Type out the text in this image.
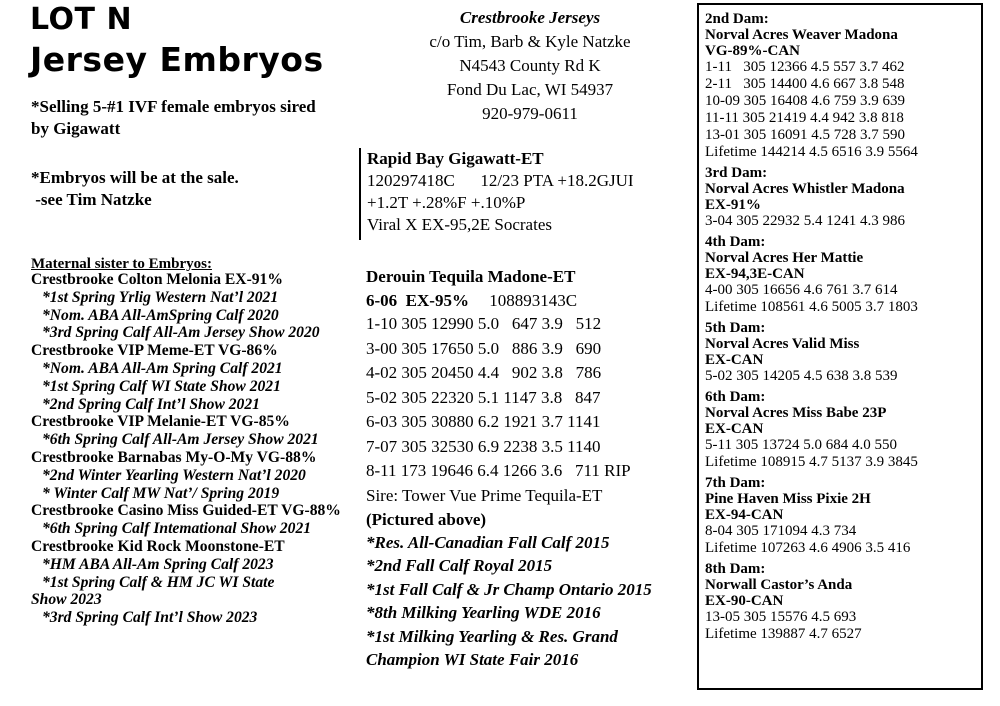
LOT N
Jersey Embryos
*Selling 5-#1 IVF female embryos sired by Gigawatt
*Embryos will be at the sale.
-see Tim Natzke
Maternal sister to Embryos:
Crestbrooke Colton Melonia EX-91%
*1st Spring Yrlig Western Nat’l 2021
*Nom. ABA All-AmSpring Calf 2020
*3rd Spring Calf All-Am Jersey Show 2020
Crestbrooke VIP Meme-ET VG-86%
*Nom. ABA All-Am Spring Calf 2021
*1st Spring Calf WI State Show 2021
*2nd Spring Calf Int’l Show 2021
Crestbrooke VIP Melanie-ET VG-85%
*6th Spring Calf All-Am Jersey Show 2021
Crestbrooke Barnabas My-O-My VG-88%
*2nd Winter Yearling Western Nat’l 2020
* Winter Calf MW Nat’/ Spring 2019
Crestbrooke Casino Miss Guided-ET VG-88%
*6th Spring Calf Intemational Show 2021
Crestbrooke Kid Rock Moonstone-ET
*HM ABA All-Am Spring Calf 2023
*1st Spring Calf & HM JC WI State
Show 2023
*3rd Spring Calf Int’l Show 2023
Crestbrooke Jerseys
c/o Tim, Barb & Kyle Natzke
N4543 County Rd K
Fond Du Lac, WI 54937
920-979-0611
Rapid Bay Gigawatt-ET
120297418C      12/23 PTA +18.2GJUI
+1.2T +.28%F +.10%P
Viral X EX-95,2E Socrates
Derouin Tequila Madone-ET
6-06  EX-95% 108893143C
1-10 305 12990 5.0   647 3.9   512
3-00 305 17650 5.0   886 3.9   690
4-02 305 20450 4.4   902 3.8   786
5-02 305 22320 5.1 1147 3.8   847
6-03 305 30880 6.2 1921 3.7 1141
7-07 305 32530 6.9 2238 3.5 1140
8-11 173 19646 6.4 1266 3.6   711 RIP
Sire: Tower Vue Prime Tequila-ET
(Pictured above)
*Res. All-Canadian Fall Calf 2015
*2nd Fall Calf Royal 2015
*1st Fall Calf & Jr Champ Ontario 2015
*8th Milking Yearling WDE 2016
*1st Milking Yearling & Res. Grand
Champion WI State Fair 2016
2nd Dam:
Norval Acres Weaver Madona
VG-89%-CAN
1-11   305 12366 4.5 557 3.7 462
2-11   305 14400 4.6 667 3.8 548
10-09 305 16408 4.6 759 3.9 639
11-11 305 21419 4.4 942 3.8 818
13-01 305 16091 4.5 728 3.7 590
Lifetime 144214 4.5 6516 3.9 5564
3rd Dam:
Norval Acres Whistler Madona
EX-91%
3-04 305 22932 5.4 1241 4.3 986
4th Dam:
Norval Acres Her Mattie
EX-94,3E-CAN
4-00 305 16656 4.6 761 3.7 614
Lifetime 108561 4.6 5005 3.7 1803
5th Dam:
Norval Acres Valid Miss
EX-CAN
5-02 305 14205 4.5 638 3.8 539
6th Dam:
Norval Acres Miss Babe 23P
EX-CAN
5-11 305 13724 5.0 684 4.0 550
Lifetime 108915 4.7 5137 3.9 3845
7th Dam:
Pine Haven Miss Pixie 2H
EX-94-CAN
8-04 305 171094 4.3 734
Lifetime 107263 4.6 4906 3.5 416
8th Dam:
Norwall Castor’s Anda
EX-90-CAN
13-05 305 15576 4.5 693
Lifetime 139887 4.7 6527
